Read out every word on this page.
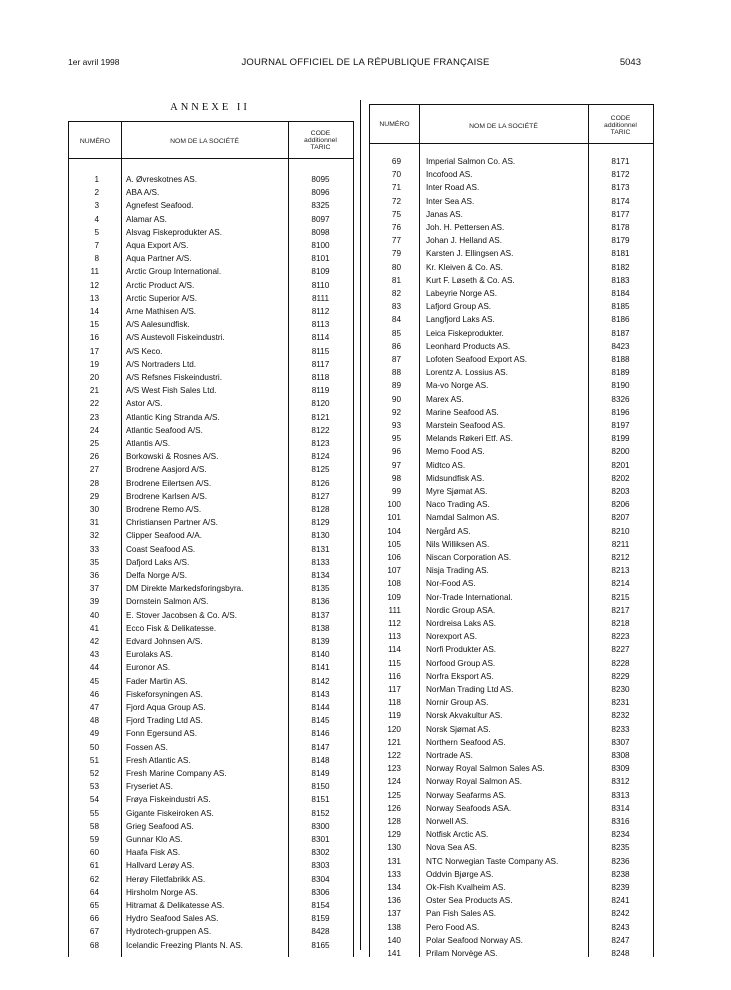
1er avril 1998	JOURNAL OFFICIEL DE LA RÉPUBLIQUE FRANÇAISE	5043
ANNEXE II
NUMÉRO	NOM DE LA SOCIÉTÉ
CODE
additionnel
TARIC
1	A. Øvreskotnes AS.	8095
2	ABA A/S.	8096
3	Agnefest Seafood.	8325
4	Alamar AS.	8097
5	Alsvag Fiskeprodukter AS.	8098
7	Aqua Export A/S.	8100
8	Aqua Partner A/S.	8101
11	Arctic Group International.	8109
12	Arctic Product A/S.	8110
13	Arctic Superior A/S.	8111
14	Arne Mathisen A/S.	8112
15	A/S Aalesundfisk.	8113
16	A/S Austevoll Fiskeindustri.	8114
17	A/S Keco.	8115
19	A/S Nortraders Ltd.	8117
20	A/S Refsnes Fiskeindustri.	8118
21	A/S West Fish Sales Ltd.	8119
22	Astor A/S.	8120
23	Atlantic King Stranda A/S.	8121
24	Atlantic Seafood A/S.	8122
25	Atlantis A/S.	8123
26	Borkowski & Rosnes A/S.	8124
27	Brodrene Aasjord A/S.	8125
28	Brodrene Eilertsen A/S.	8126
29	Brodrene Karlsen A/S.	8127
30	Brodrene Remo A/S.	8128
31	Christiansen Partner A/S.	8129
32	Clipper Seafood A/A.	8130
33	Coast Seafood AS.	8131
35	Dafjord Laks A/S.	8133
36	Delfa Norge A/S.	8134
37	DM Direkte Markedsforingsbyra.	8135
39	Dornstein Salmon A/S.	8136
40	E. Stover Jacobsen & Co. A/S.	8137
41	Ecco Fisk & Delikatesse.	8138
42	Edvard Johnsen A/S.	8139
43	Eurolaks AS.	8140
44	Euronor AS.	8141
45	Fader Martin AS.	8142
46	Fiskeforsyningen AS.	8143
47	Fjord Aqua Group AS.	8144
48	Fjord Trading Ltd AS.	8145
49	Fonn Egersund AS.	8146
50	Fossen AS.	8147
51	Fresh Atlantic AS.	8148
52	Fresh Marine Company AS.	8149
53	Fryseriet AS.	8150
54	Frøya Fiskeindustri AS.	8151
55	Gigante Fiskeiroken AS.	8152
58	Grieg Seafood AS.	8300
59	Gunnar Klo AS.	8301
60	Haafa Fisk AS.	8302
61	Hallvard Lerøy AS.	8303
62	Herøy Filetfabrikk AS.	8304
64	Hirsholm Norge AS.	8306
65	Hitramat & Delikatesse AS.	8154
66	Hydro Seafood Sales AS.	8159
67	Hydrotech-gruppen AS.	8428
68	Icelandic Freezing Plants N. AS.	8165
NUMÉRO	NOM DE LA SOCIÉTÉ
CODE
additionnel
TARIC
69	Imperial Salmon Co. AS.	8171
70	Incofood AS.	8172
71	Inter Road AS.	8173
72	Inter Sea AS.	8174
75	Janas AS.	8177
76	Joh. H. Pettersen AS.	8178
77	Johan J. Helland AS.	8179
79	Karsten J. Ellingsen AS.	8181
80	Kr. Kleiven & Co. AS.	8182
81	Kurt F. Løseth & Co. AS.	8183
82	Labeyrie Norge AS.	8184
83	Lafjord Group AS.	8185
84	Langfjord Laks AS.	8186
85	Leica Fiskeprodukter.	8187
86	Leonhard Products AS.	8423
87	Lofoten Seafood Export AS.	8188
88	Lorentz A. Lossius AS.	8189
89	Ma-vo Norge AS.	8190
90	Marex AS.	8326
92	Marine Seafood AS.	8196
93	Marstein Seafood AS.	8197
95	Melands Røkeri Etf. AS.	8199
96	Memo Food AS.	8200
97	Midtco AS.	8201
98	Midsundfisk AS.	8202
99	Myre Sjømat AS.	8203
100	Naco Trading AS.	8206
101	Namdal Salmon AS.	8207
104	Nergård AS.	8210
105	Nils Williksen AS.	8211
106	Niscan Corporation AS.	8212
107	Nisja Trading AS.	8213
108	Nor-Food AS.	8214
109	Nor-Trade International.	8215
111	Nordic Group ASA.	8217
112	Nordreisa Laks AS.	8218
113	Norexport AS.	8223
114	Norfi Produkter AS.	8227
115	Norfood Group AS.	8228
116	Norfra Eksport AS.	8229
117	NorMan Trading Ltd AS.	8230
118	Nornir Group AS.	8231
119	Norsk Akvakultur AS.	8232
120	Norsk Sjømat AS.	8233
121	Northern Seafood AS.	8307
122	Nortrade AS.	8308
123	Norway Royal Salmon Sales AS.	8309
124	Norway Royal Salmon AS.	8312
125	Norway Seafarms AS.	8313
126	Norway Seafoods ASA.	8314
128	Norwell AS.	8316
129	Notfisk Arctic AS.	8234
130	Nova Sea AS.	8235
131	NTC Norwegian Taste Company AS.	8236
133	Oddvin Bjørge AS.	8238
134	Ok-Fish Kvalheim AS.	8239
136	Oster Sea Products AS.	8241
137	Pan Fish Sales AS.	8242
138	Pero Food AS.	8243
140	Polar Seafood Norway AS.	8247
141	Prilam Norvège AS.	8248
